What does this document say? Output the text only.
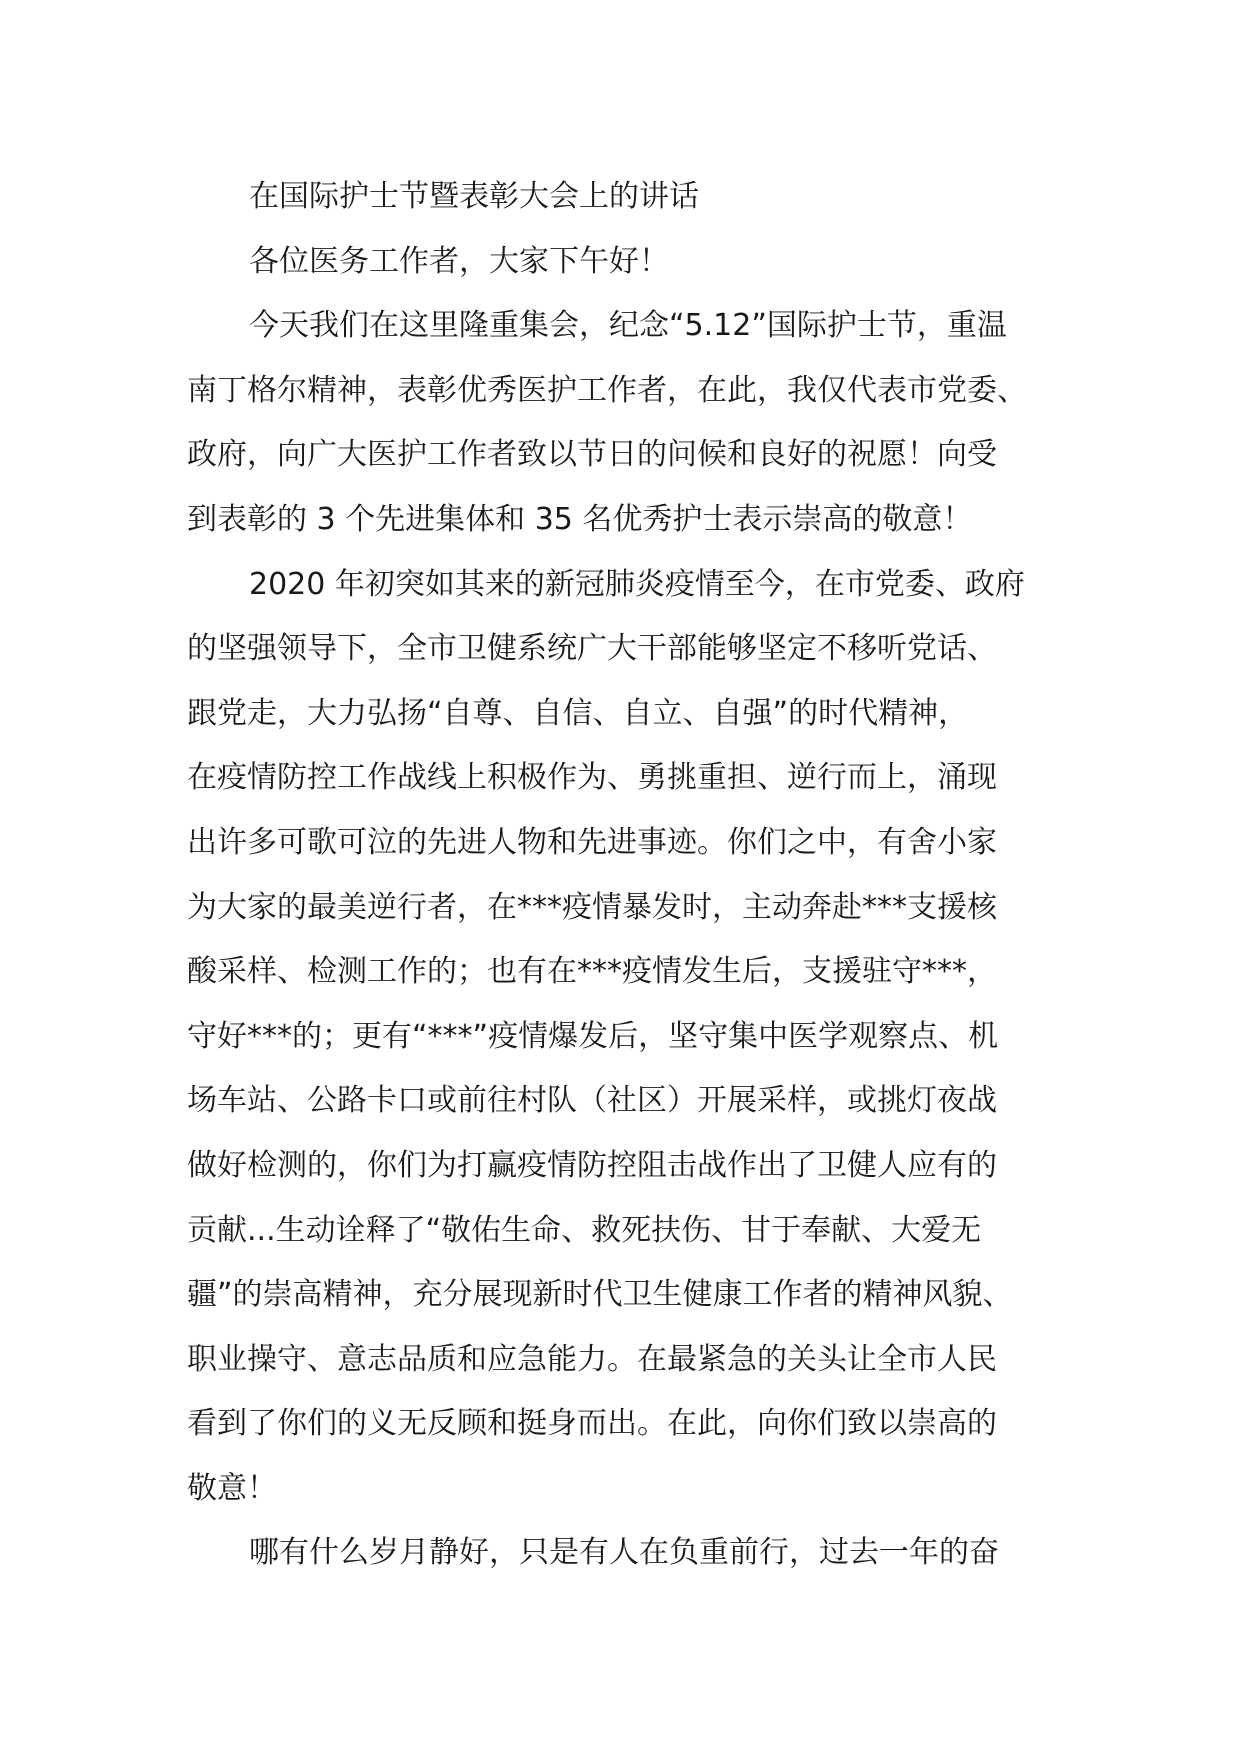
在国际护士节暨表彰大会上的讲话
各位医务工作者，大家下午好！
今天我们在这里隆重集会，纪念“5.12”国际护士节，重温
南丁格尔精神，表彰优秀医护工作者，在此，我仅代表市党委、
政府，向广大医护工作者致以节日的问候和良好的祝愿！向受
到表彰的 3 个先进集体和 35 名优秀护士表示崇高的敬意！
2020 年初突如其来的新冠肺炎疫情至今，在市党委、政府
的坚强领导下，全市卫健系统广大干部能够坚定不移听党话、
跟党走，大力弘扬“自尊、自信、自立、自强”的时代精神，
在疫情防控工作战线上积极作为、勇挑重担、逆行而上，涌现
出许多可歌可泣的先进人物和先进事迹。你们之中，有舍小家
为大家的最美逆行者，在***疫情暴发时，主动奔赴***支援核
酸采样、检测工作的；也有在***疫情发生后，支援驻守***，
守好***的；更有“***”疫情爆发后，坚守集中医学观察点、机
场车站、公路卡口或前往村队（社区）开展采样，或挑灯夜战
做好检测的，你们为打赢疫情防控阻击战作出了卫健人应有的
贡献...生动诠释了“敬佑生命、救死扶伤、甘于奉献、大爱无
疆”的崇高精神，充分展现新时代卫生健康工作者的精神风貌、
职业操守、意志品质和应急能力。在最紧急的关头让全市人民
看到了你们的义无反顾和挺身而出。在此，向你们致以崇高的
敬意！
哪有什么岁月静好，只是有人在负重前行，过去一年的奋
